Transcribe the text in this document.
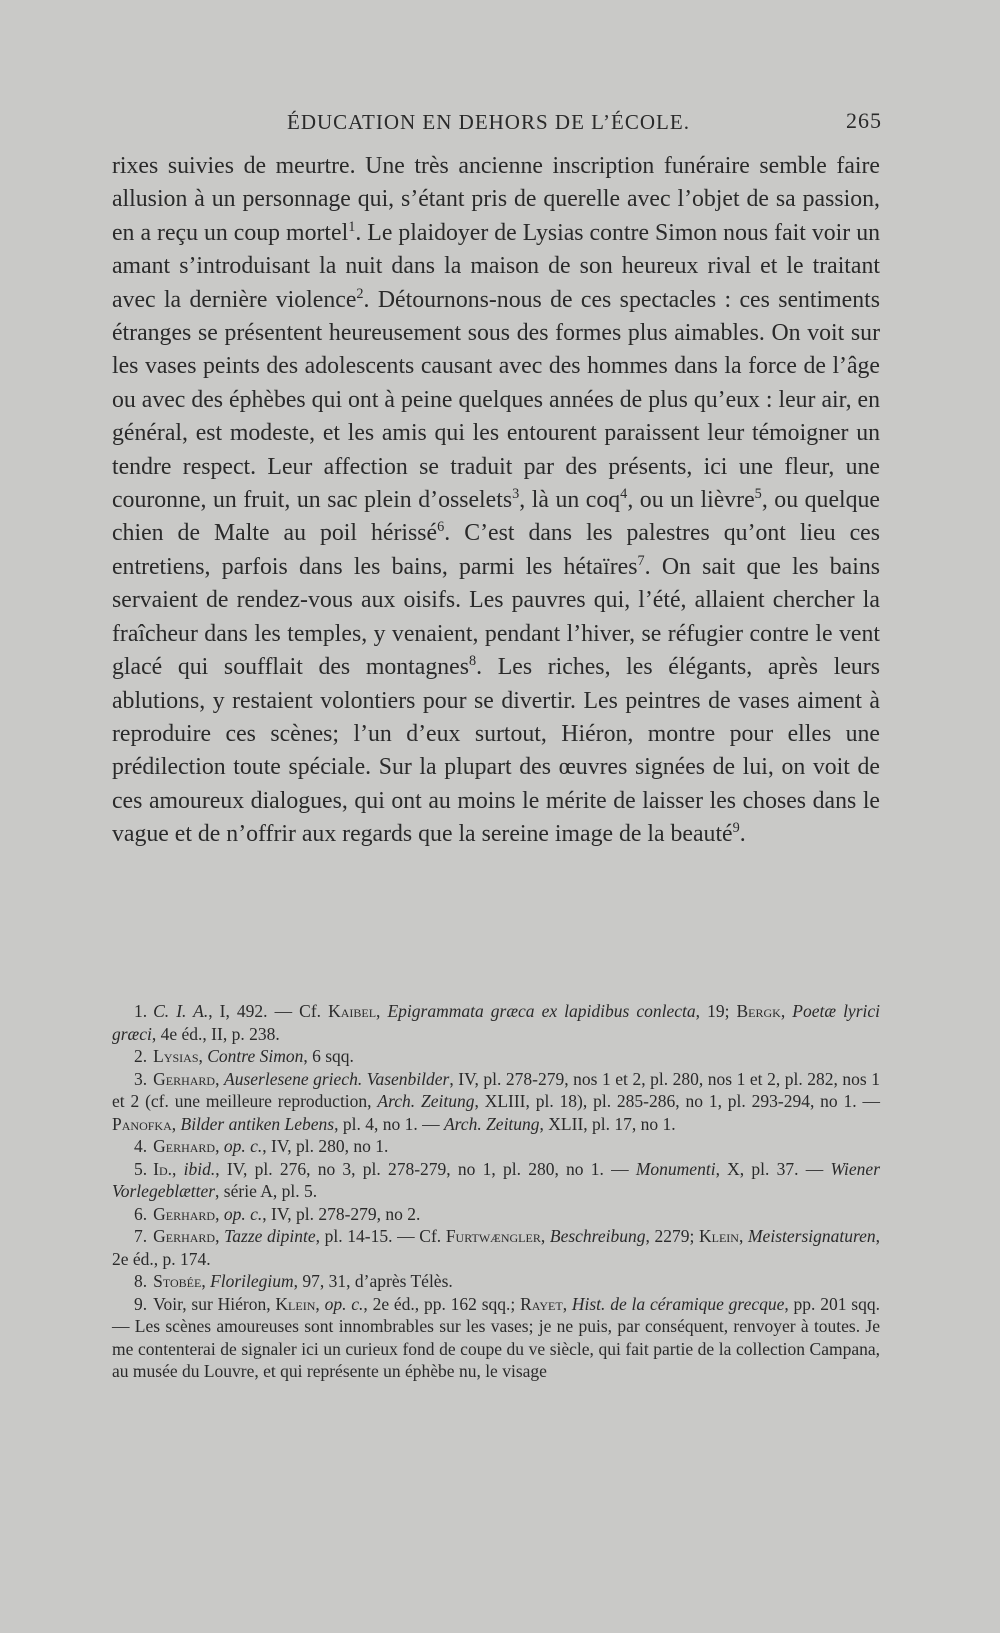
ÉDUCATION EN DEHORS DE L’ÉCOLE.	265

rixes suivies de meurtre. Une très ancienne inscription funéraire semble faire allusion à un personnage qui, s’étant pris de querelle avec l’objet de sa passion, en a reçu un coup mortel$^1$. Le plaidoyer de Lysias contre Simon nous fait voir un amant s’introduisant la nuit dans la maison de son heureux rival et le traitant avec la dernière violence$^2$. Détournons-nous de ces spectacles : ces sentiments étranges se présentent heureusement sous des formes plus aimables. On voit sur les vases peints des adolescents causant avec des hommes dans la force de l’âge ou avec des éphèbes qui ont à peine quelques années de plus qu’eux : leur air, en général, est modeste, et les amis qui les entourent paraissent leur témoigner un tendre respect. Leur affection se traduit par des présents, ici une fleur, une couronne, un fruit, un sac plein d’osselets$^3$, là un coq$^4$, ou un lièvre$^5$, ou quelque chien de Malte au poil hérissé$^6$. C’est dans les palestres qu’ont lieu ces entretiens, parfois dans les bains, parmi les hétaïres$^7$. On sait que les bains servaient de rendez-vous aux oisifs. Les pauvres qui, l’été, allaient chercher la fraîcheur dans les temples, y venaient, pendant l’hiver, se réfugier contre le vent glacé qui soufflait des montagnes$^8$. Les riches, les élégants, après leurs ablutions, y restaient volontiers pour se divertir. Les peintres de vases aiment à reproduire ces scènes; l’un d’eux surtout, Hiéron, montre pour elles une prédilection toute spéciale. Sur la plupart des œuvres signées de lui, on voit de ces amoureux dialogues, qui ont au moins le mérite de laisser les choses dans le vague et de n’offrir aux regards que la sereine image de la beauté$^9$.

1. C. I. A., I, 492. — Cf. Kaibel, Epigrammata græca ex lapidibus conlecta, 19; Bergk, Poetæ lyrici græci, 4e éd., II, p. 238.

2. Lysias, Contre Simon, 6 sqq.

3. Gerhard, Auserlesene griech. Vasenbilder, IV, pl. 278-279, nos 1 et 2, pl. 280, nos 1 et 2, pl. 282, nos 1 et 2 (cf. une meilleure reproduction, Arch. Zeitung, XLIII, pl. 18), pl. 285-286, no 1, pl. 293-294, no 1. — Panofka, Bilder antiken Lebens, pl. 4, no 1. — Arch. Zeitung, XLII, pl. 17, no 1.

4. Gerhard, op. c., IV, pl. 280, no 1.

5. Id., ibid., IV, pl. 276, no 3, pl. 278-279, no 1, pl. 280, no 1. — Monumenti, X, pl. 37. — Wiener Vorlegeblætter, série A, pl. 5.

6. Gerhard, op. c., IV, pl. 278-279, no 2.

7. Gerhard, Tazze dipinte, pl. 14-15. — Cf. Furtwængler, Beschreibung, 2279; Klein, Meistersignaturen, 2e éd., p. 174.

8. Stobée, Florilegium, 97, 31, d’après Télès.

9. Voir, sur Hiéron, Klein, op. c., 2e éd., pp. 162 sqq.; Rayet, Hist. de la céramique grecque, pp. 201 sqq. — Les scènes amoureuses sont innombrables sur les vases; je ne puis, par conséquent, renvoyer à toutes. Je me contenterai de signaler ici un curieux fond de coupe du ve siècle, qui fait partie de la collection Campana, au musée du Louvre, et qui représente un éphèbe nu, le visage
